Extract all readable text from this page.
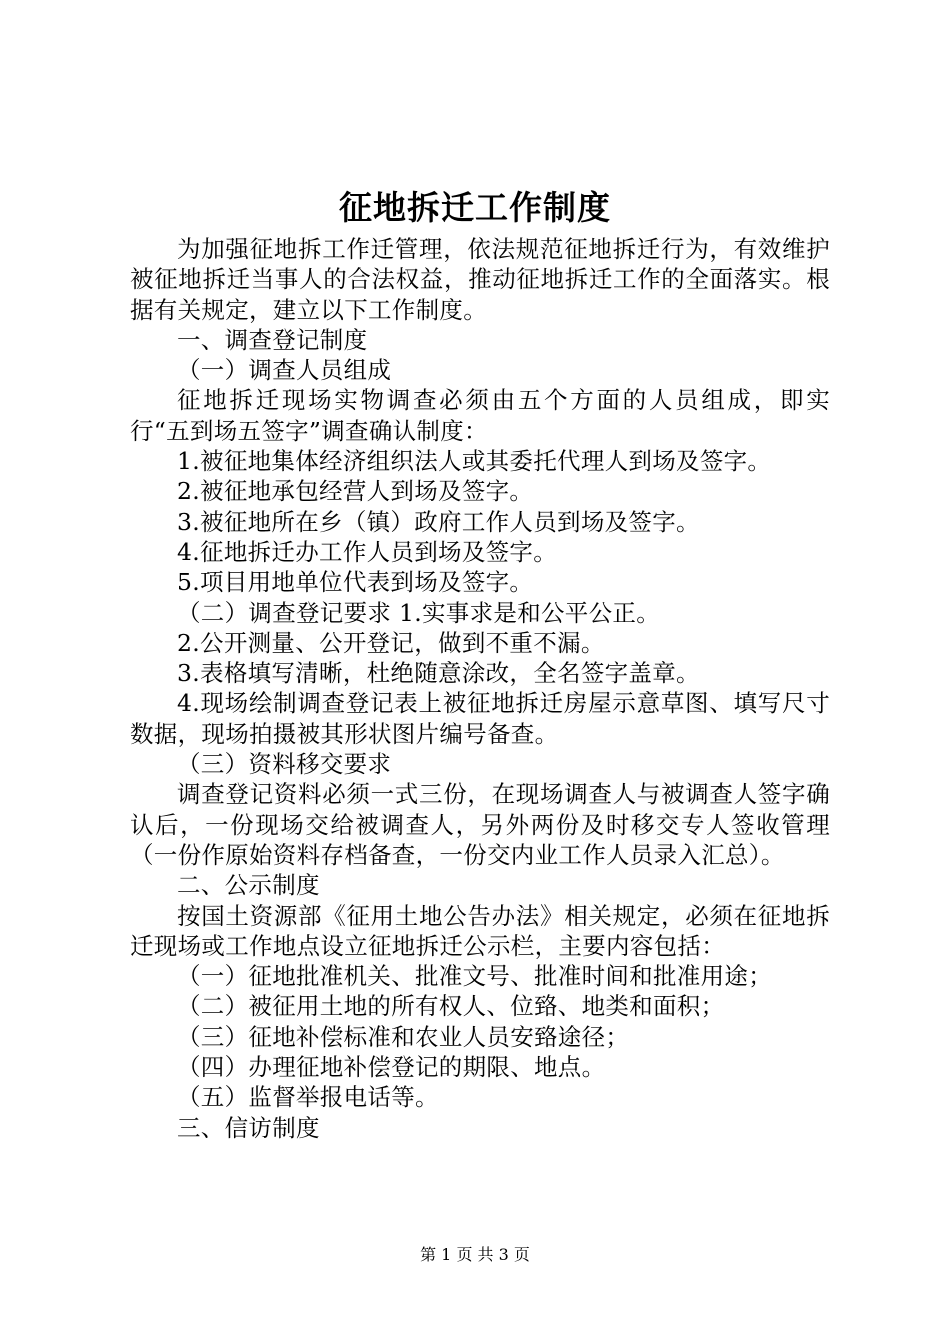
征地拆迁工作制度

为加强征地拆工作迁管理，依法规范征地拆迁行为，有效维护被征地拆迁当事人的合法权益，推动征地拆迁工作的全面落实。根据有关规定，建立以下工作制度。

一、调查登记制度

（一）调查人员组成

征地拆迁现场实物调查必须由五个方面的人员组成，即实行“五到场五签字”调查确认制度：

1.被征地集体经济组织法人或其委托代理人到场及签字。

2.被征地承包经营人到场及签字。

3.被征地所在乡（镇）政府工作人员到场及签字。

4.征地拆迁办工作人员到场及签字。

5.项目用地单位代表到场及签字。

（二）调查登记要求 1.实事求是和公平公正。

2.公开测量、公开登记，做到不重不漏。

3.表格填写清晰，杜绝随意涂改，全名签字盖章。

4.现场绘制调查登记表上被征地拆迁房屋示意草图、填写尺寸数据，现场拍摄被其形状图片编号备查。

（三）资料移交要求

调查登记资料必须一式三份，在现场调查人与被调查人签字确认后，一份现场交给被调查人，另外两份及时移交专人签收管理（一份作原始资料存档备查，一份交内业工作人员录入汇总）。

二、公示制度

按国土资源部《征用土地公告办法》相关规定，必须在征地拆迁现场或工作地点设立征地拆迁公示栏，主要内容包括：

（一）征地批准机关、批准文号、批准时间和批准用途；

（二）被征用土地的所有权人、位臵、地类和面积；

（三）征地补偿标准和农业人员安臵途径；

（四）办理征地补偿登记的期限、地点。

（五）监督举报电话等。

三、信访制度

第 1 页 共 3 页
